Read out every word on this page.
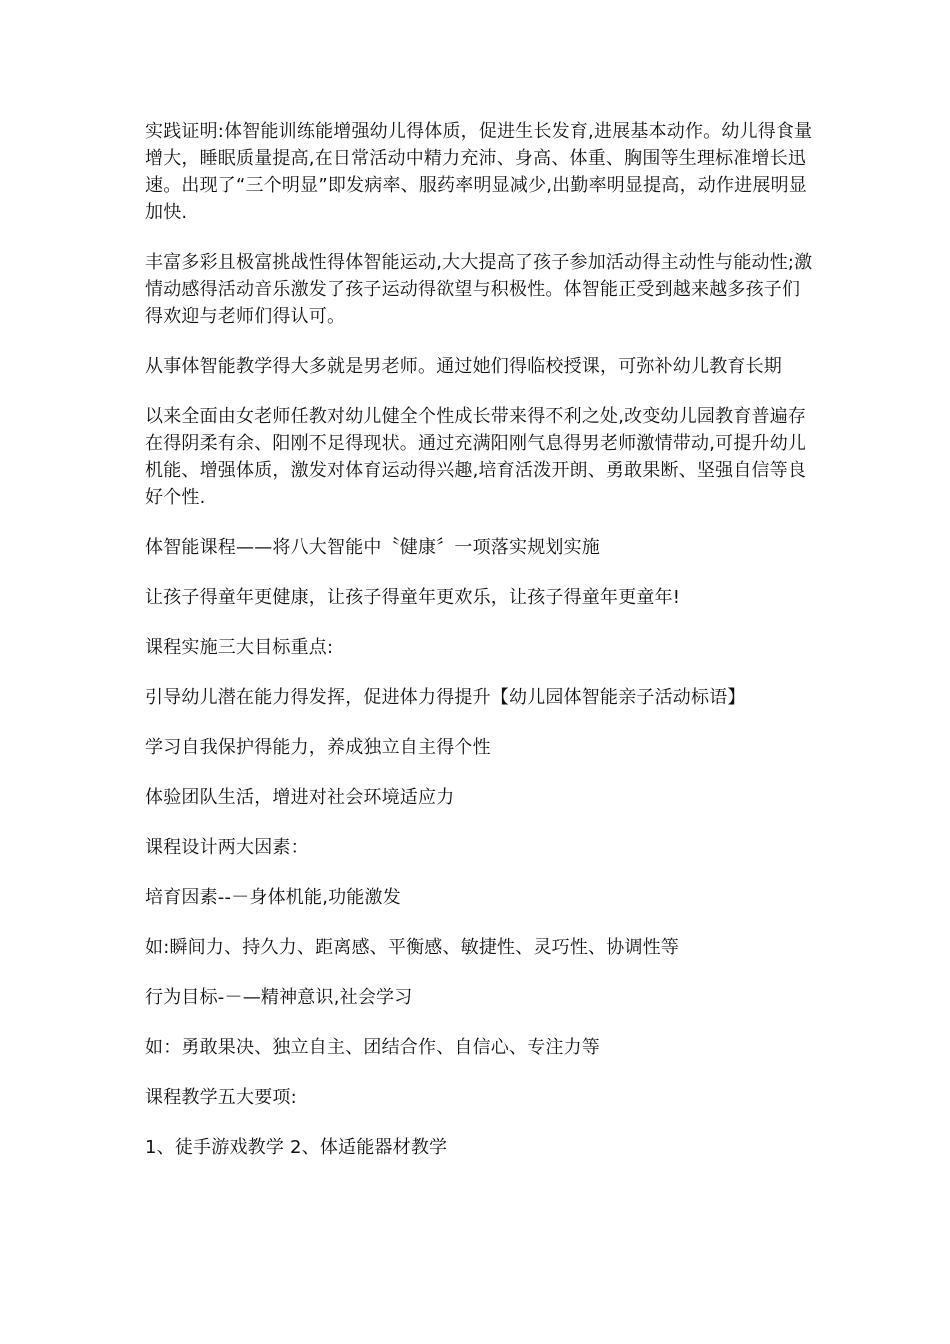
实践证明:体智能训练能增强幼儿得体质，促进生长发育,进展基本动作。幼儿得食量增大，睡眠质量提高,在日常活动中精力充沛、身高、体重、胸围等生理标准增长迅速。出现了“三个明显”即发病率、服药率明显减少,出勤率明显提高，动作进展明显加快.

丰富多彩且极富挑战性得体智能运动,大大提高了孩子参加活动得主动性与能动性;激情动感得活动音乐激发了孩子运动得欲望与积极性。体智能正受到越来越多孩子们得欢迎与老师们得认可。

从事体智能教学得大多就是男老师。通过她们得临校授课，可弥补幼儿教育长期

以来全面由女老师任教对幼儿健全个性成长带来得不利之处,改变幼儿园教育普遍存在得阴柔有余、阳刚不足得现状。通过充满阳刚气息得男老师激情带动,可提升幼儿机能、增强体质，激发对体育运动得兴趣,培育活泼开朗、勇敢果断、坚强自信等良好个性.

体智能课程——将八大智能中〝健康〞一项落实规划实施

让孩子得童年更健康，让孩子得童年更欢乐，让孩子得童年更童年!

课程实施三大目标重点:

引导幼儿潜在能力得发挥，促进体力得提升【幼儿园体智能亲子活动标语】

学习自我保护得能力，养成独立自主得个性

体验团队生活，增进对社会环境适应力

课程设计两大因素：

培育因素--－身体机能,功能激发

如:瞬间力、持久力、距离感、平衡感、敏捷性、灵巧性、协调性等

行为目标-－—精神意识,社会学习

如：勇敢果决、独立自主、团结合作、自信心、专注力等

课程教学五大要项:

1、徒手游戏教学 2、体适能器材教学
